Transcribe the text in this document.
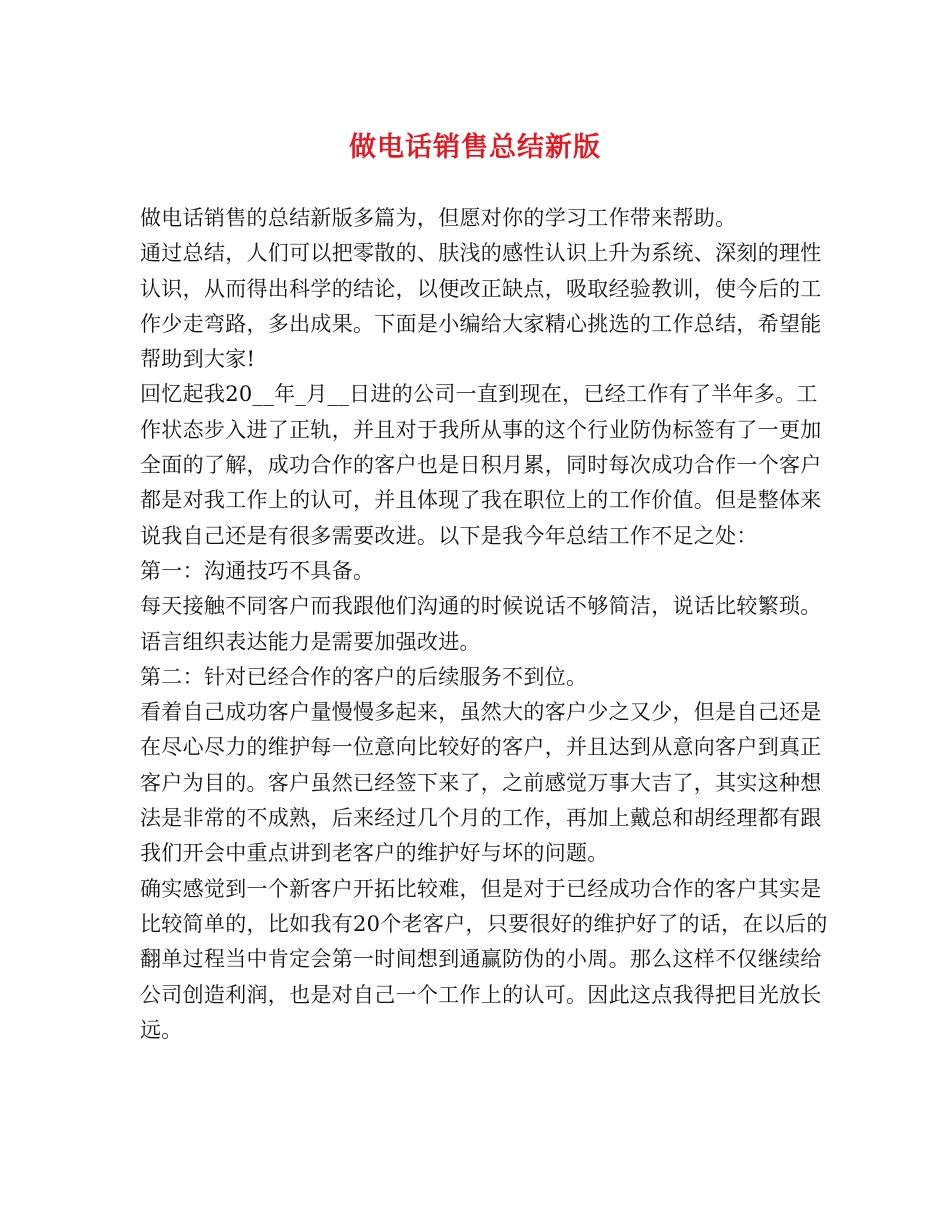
做电话销售总结新版

做电话销售的总结新版多篇为，但愿对你的学习工作带来帮助。

通过总结，人们可以把零散的、肤浅的感性认识上升为系统、深刻的理性认识，从而得出科学的结论，以便改正缺点，吸取经验教训，使今后的工作少走弯路，多出成果。下面是小编给大家精心挑选的工作总结，希望能帮助到大家!

回忆起我20__年_月__日进的公司一直到现在，已经工作有了半年多。工作状态步入进了正轨，并且对于我所从事的这个行业防伪标签有了一更加全面的了解，成功合作的客户也是日积月累，同时每次成功合作一个客户都是对我工作上的认可，并且体现了我在职位上的工作价值。但是整体来说我自己还是有很多需要改进。以下是我今年总结工作不足之处：

第一：沟通技巧不具备。

每天接触不同客户而我跟他们沟通的时候说话不够简洁，说话比较繁琐。语言组织表达能力是需要加强改进。

第二：针对已经合作的客户的后续服务不到位。

看着自己成功客户量慢慢多起来，虽然大的客户少之又少，但是自己还是在尽心尽力的维护每一位意向比较好的客户，并且达到从意向客户到真正客户为目的。客户虽然已经签下来了，之前感觉万事大吉了，其实这种想法是非常的不成熟，后来经过几个月的工作，再加上戴总和胡经理都有跟我们开会中重点讲到老客户的维护好与坏的问题。

确实感觉到一个新客户开拓比较难，但是对于已经成功合作的客户其实是比较简单的，比如我有20个老客户，只要很好的维护好了的话，在以后的翻单过程当中肯定会第一时间想到通赢防伪的小周。那么这样不仅继续给公司创造利润，也是对自己一个工作上的认可。因此这点我得把目光放长远。
